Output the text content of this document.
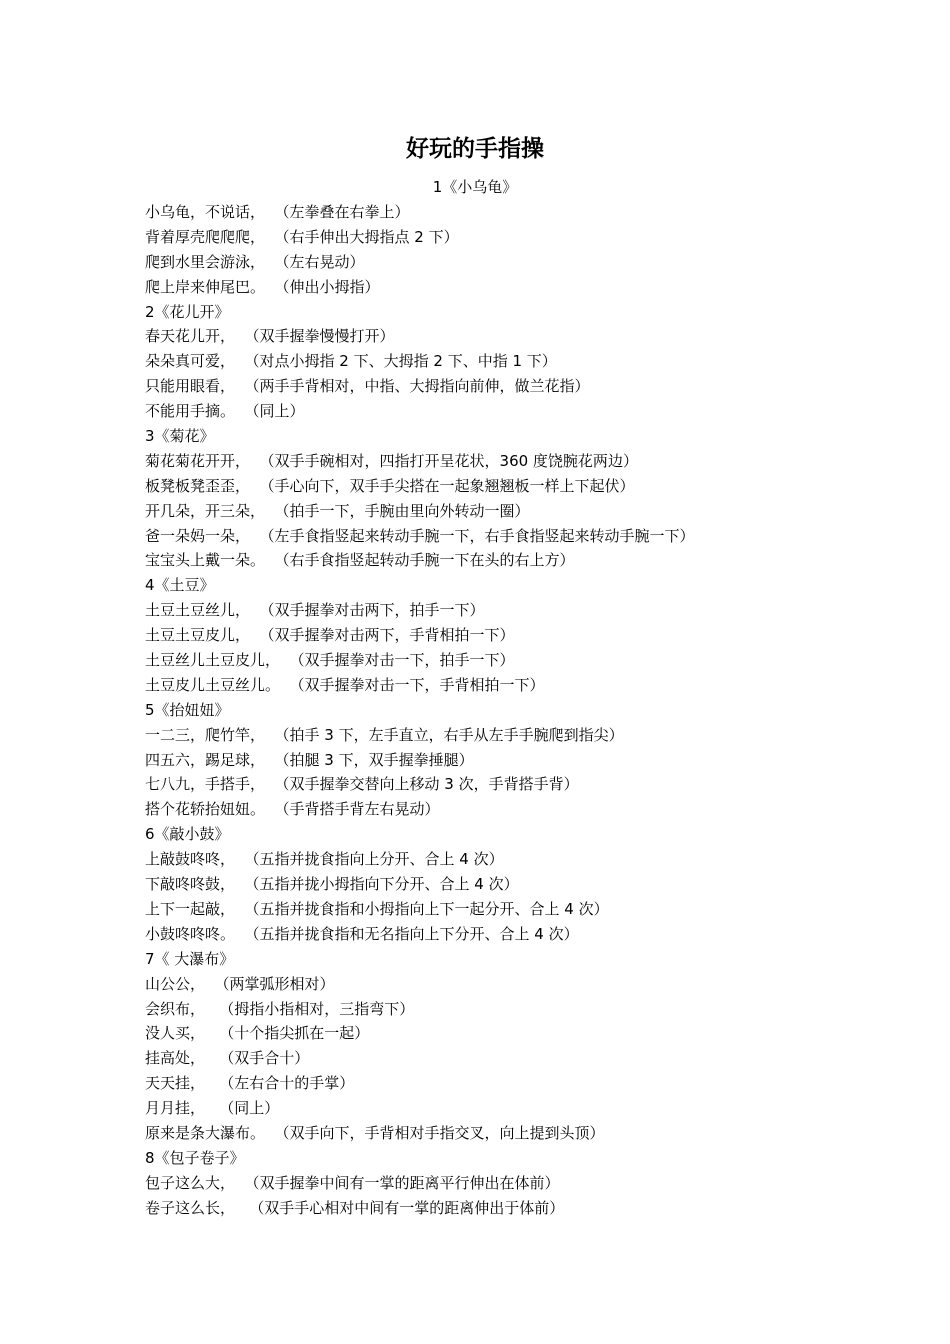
好玩的手指操
1《小乌龟》
小乌龟，不说话，  （左拳叠在右拳上）
背着厚壳爬爬爬，  （右手伸出大拇指点 2 下）
爬到水里会游泳，  （左右晃动）
爬上岸来伸尾巴。  （伸出小拇指）
2《花儿开》
春天花儿开，  （双手握拳慢慢打开）
朵朵真可爱，  （对点小拇指 2 下、大拇指 2 下、中指 1 下）
只能用眼看，  （两手手背相对，中指、大拇指向前伸，做兰花指）
不能用手摘。  （同上）
3《菊花》
菊花菊花开开，  （双手手碗相对，四指打开呈花状，360 度饶腕花两边）
板凳板凳歪歪，  （手心向下，双手手尖搭在一起象翘翘板一样上下起伏）
开几朵，开三朵，  （拍手一下，手腕由里向外转动一圈）
爸一朵妈一朵，  （左手食指竖起来转动手腕一下，右手食指竖起来转动手腕一下）
宝宝头上戴一朵。  （右手食指竖起转动手腕一下在头的右上方）
4《土豆》
土豆土豆丝儿，  （双手握拳对击两下，拍手一下）
土豆土豆皮儿，  （双手握拳对击两下，手背相拍一下）
土豆丝儿土豆皮儿，  （双手握拳对击一下，拍手一下）
土豆皮儿土豆丝儿。  （双手握拳对击一下，手背相拍一下）
5《抬妞妞》
一二三，爬竹竿，  （拍手 3 下，左手直立，右手从左手手腕爬到指尖）
四五六，踢足球，  （拍腿 3 下，双手握拳捶腿）
七八九，手搭手，  （双手握拳交替向上移动 3 次，手背搭手背）
搭个花轿抬妞妞。  （手背搭手背左右晃动）
6《敲小鼓》
上敲鼓咚咚，  （五指并拢食指向上分开、合上 4 次）
下敲咚咚鼓，  （五指并拢小拇指向下分开、合上 4 次）
上下一起敲，  （五指并拢食指和小拇指向上下一起分开、合上 4 次）
小鼓咚咚咚。  （五指并拢食指和无名指向上下分开、合上 4 次）
7《 大瀑布》
山公公，  （两掌弧形相对）
会织布，   （拇指小指相对，三指弯下）
没人买，   （十个指尖抓在一起）
挂高处，   （双手合十）
天天挂，   （左右合十的手掌）
月月挂，   （同上）
原来是条大瀑布。  （双手向下，手背相对手指交叉，向上提到头顶）
8《包子卷子》
包子这么大，  （双手握拳中间有一掌的距离平行伸出在体前）
卷子这么长，   （双手手心相对中间有一掌的距离伸出于体前）
